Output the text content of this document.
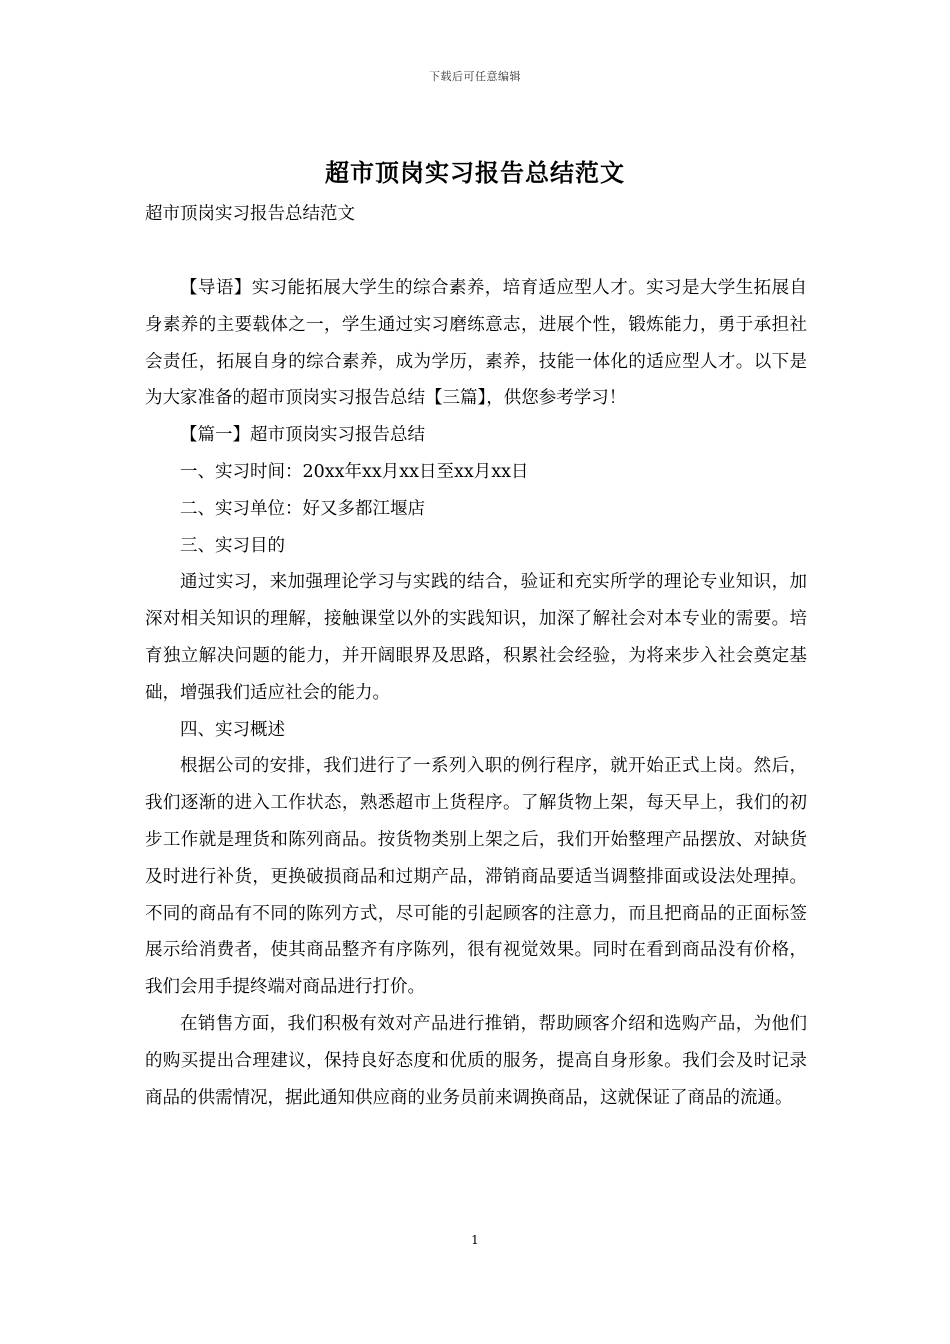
下载后可任意编辑
超市顶岗实习报告总结范文
超市顶岗实习报告总结范文

【导语】实习能拓展大学生的综合素养，培育适应型人才。实习是大学生拓展自身素养的主要载体之一，学生通过实习磨练意志，进展个性，锻炼能力，勇于承担社会责任，拓展自身的综合素养，成为学历，素养，技能一体化的适应型人才。以下是为大家准备的超市顶岗实习报告总结【三篇】，供您参考学习！

【篇一】超市顶岗实习报告总结

一、实习时间：20xx年xx月xx日至xx月xx日

二、实习单位：好又多都江堰店

三、实习目的

通过实习，来加强理论学习与实践的结合，验证和充实所学的理论专业知识，加深对相关知识的理解，接触课堂以外的实践知识，加深了解社会对本专业的需要。培育独立解决问题的能力，并开阔眼界及思路，积累社会经验，为将来步入社会奠定基础，增强我们适应社会的能力。

四、实习概述

根据公司的安排，我们进行了一系列入职的例行程序，就开始正式上岗。然后，我们逐渐的进入工作状态，熟悉超市上货程序。了解货物上架，每天早上，我们的初步工作就是理货和陈列商品。按货物类别上架之后，我们开始整理产品摆放、对缺货及时进行补货，更换破损商品和过期产品，滞销商品要适当调整排面或设法处理掉。不同的商品有不同的陈列方式，尽可能的引起顾客的注意力，而且把商品的正面标签展示给消费者，使其商品整齐有序陈列，很有视觉效果。同时在看到商品没有价格，我们会用手提终端对商品进行打价。

在销售方面，我们积极有效对产品进行推销，帮助顾客介绍和选购产品，为他们的购买提出合理建议，保持良好态度和优质的服务，提高自身形象。我们会及时记录商品的供需情况，据此通知供应商的业务员前来调换商品，这就保证了商品的流通。

1
